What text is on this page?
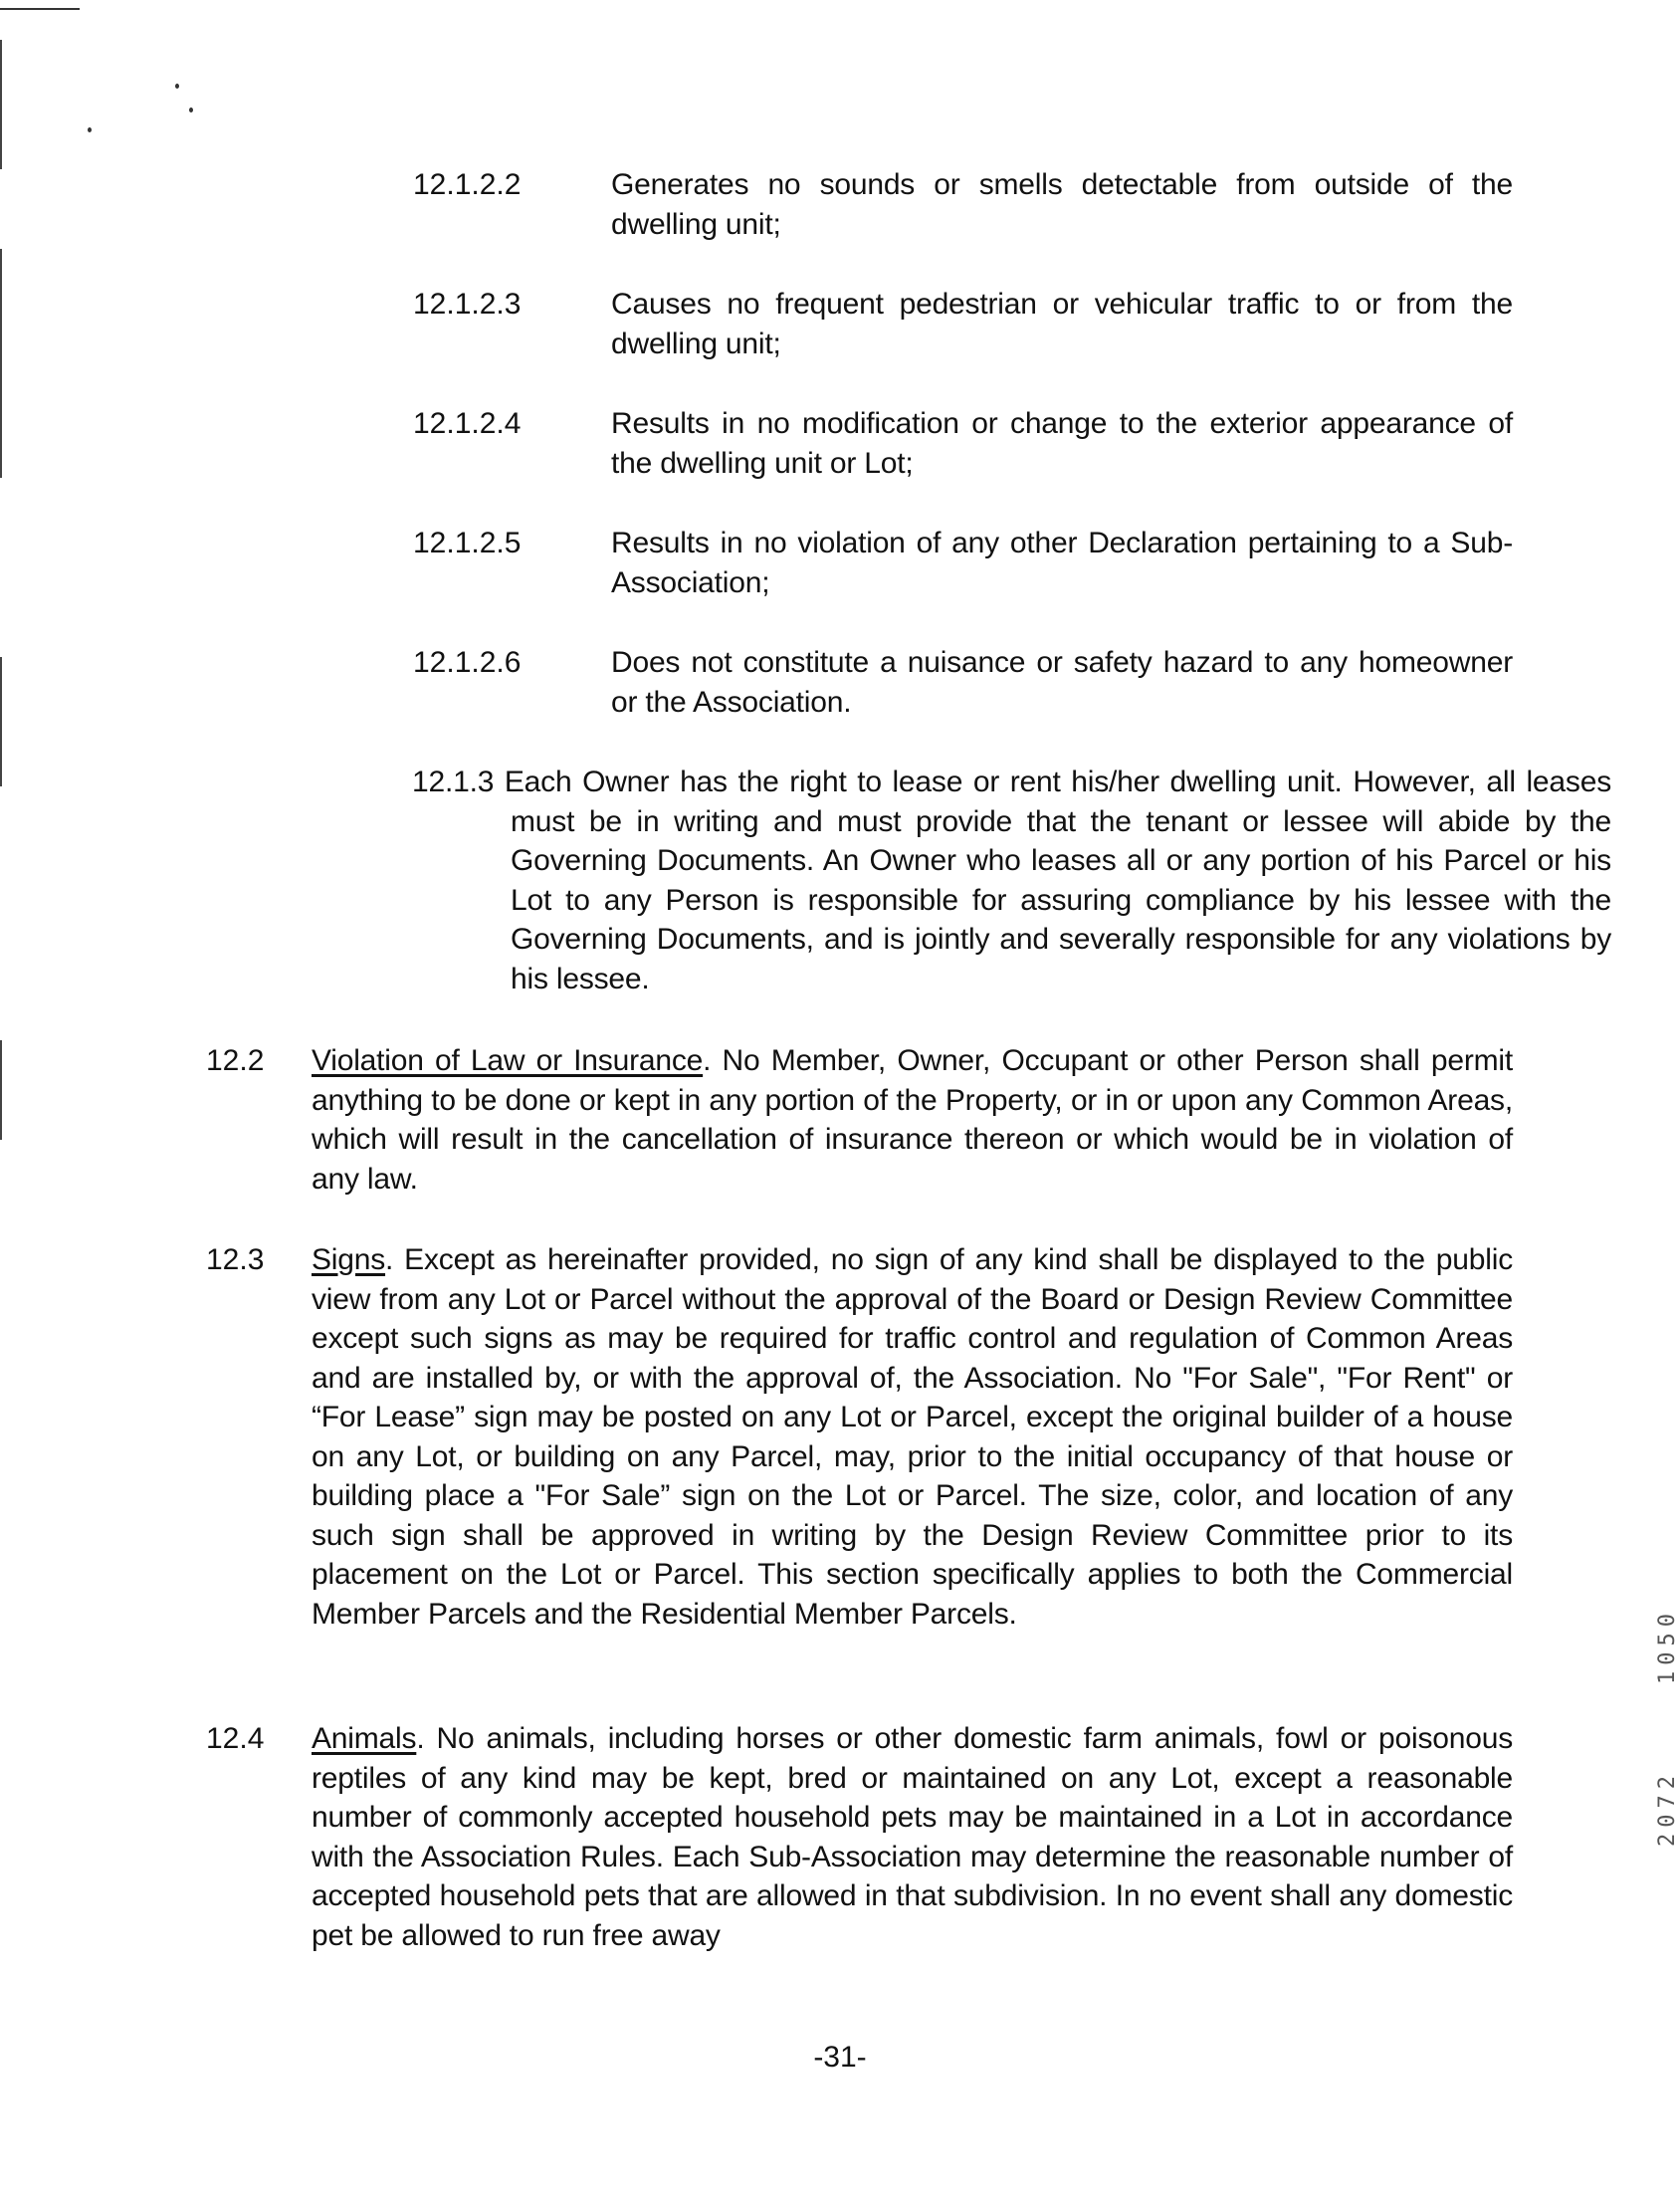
12.1.2.2	Generates no sounds or smells detectable from outside of the dwelling unit;
12.1.2.3	Causes no frequent pedestrian or vehicular traffic to or from the dwelling unit;
12.1.2.4	Results in no modification or change to the exterior appearance of the dwelling unit or Lot;
12.1.2.5	Results in no violation of any other Declaration pertaining to a Sub-Association;
12.1.2.6	Does not constitute a nuisance or safety hazard to any homeowner or the Association.
12.1.3 Each Owner has the right to lease or rent his/her dwelling unit. However, all leases must be in writing and must provide that the tenant or lessee will abide by the Governing Documents. An Owner who leases all or any portion of his Parcel or his Lot to any Person is responsible for assuring compliance by his lessee with the Governing Documents, and is jointly and severally responsible for any violations by his lessee.
12.2 Violation of Law or Insurance. No Member, Owner, Occupant or other Person shall permit anything to be done or kept in any portion of the Property, or in or upon any Common Areas, which will result in the cancellation of insurance thereon or which would be in violation of any law.
12.3 Signs. Except as hereinafter provided, no sign of any kind shall be displayed to the public view from any Lot or Parcel without the approval of the Board or Design Review Committee except such signs as may be required for traffic control and regulation of Common Areas and are installed by, or with the approval of, the Association. No "For Sale", "For Rent" or “For Lease” sign may be posted on any Lot or Parcel, except the original builder of a house on any Lot, or building on any Parcel, may, prior to the initial occupancy of that house or building place a "For Sale” sign on the Lot or Parcel. The size, color, and location of any such sign shall be approved in writing by the Design Review Committee prior to its placement on the Lot or Parcel. This section specifically applies to both the Commercial Member Parcels and the Residential Member Parcels.
12.4 Animals. No animals, including horses or other domestic farm animals, fowl or poisonous reptiles of any kind may be kept, bred or maintained on any Lot, except a reasonable number of commonly accepted household pets may be maintained in a Lot in accordance with the Association Rules. Each Sub-Association may determine the reasonable number of accepted household pets that are allowed in that subdivision. In no event shall any domestic pet be allowed to run free away
-31-
1050
2072
